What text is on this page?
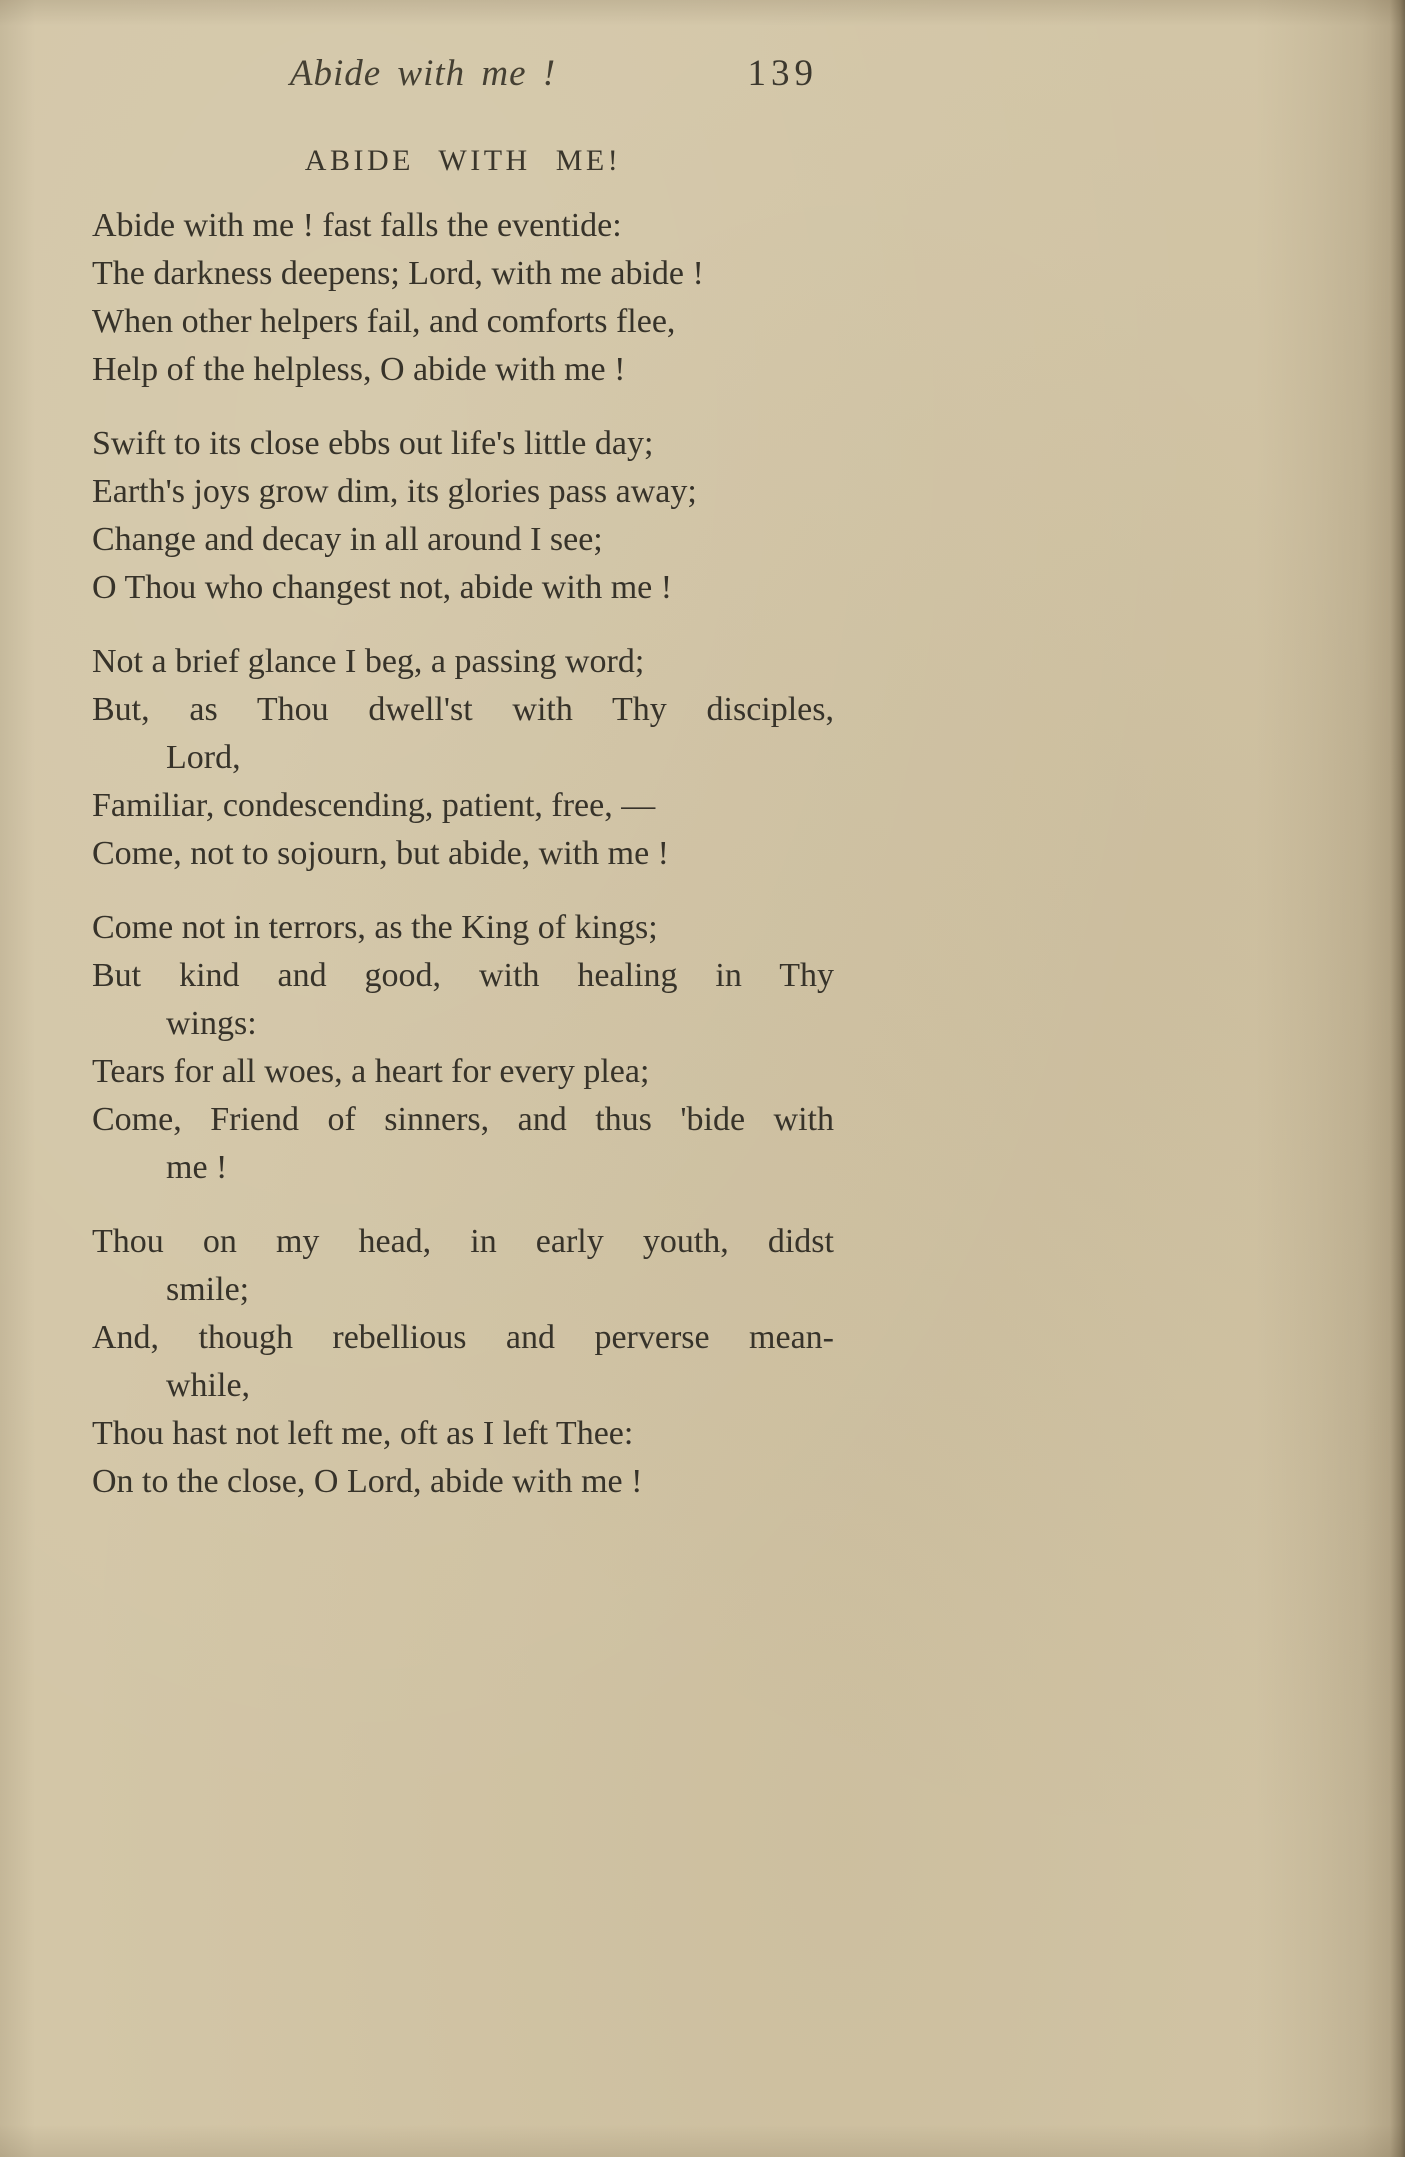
Abide with me !	139
ABIDE WITH ME!
Abide with me ! fast falls the eventide:
The darkness deepens; Lord, with me abide !
When other helpers fail, and comforts flee,
Help of the helpless, O abide with me !
Swift to its close ebbs out life's little day;
Earth's joys grow dim, its glories pass away;
Change and decay in all around I see;
O Thou who changest not, abide with me !
Not a brief glance I beg, a passing word;
But, as Thou dwell'st with Thy disciples,
Lord,
Familiar, condescending, patient, free, —
Come, not to sojourn, but abide, with me !
Come not in terrors, as the King of kings;
But kind and good, with healing in Thy
wings:
Tears for all woes, a heart for every plea;
Come, Friend of sinners, and thus 'bide with
me !
Thou on my head, in early youth, didst
smile;
And, though rebellious and perverse mean-
while,
Thou hast not left me, oft as I left Thee:
On to the close, O Lord, abide with me !
